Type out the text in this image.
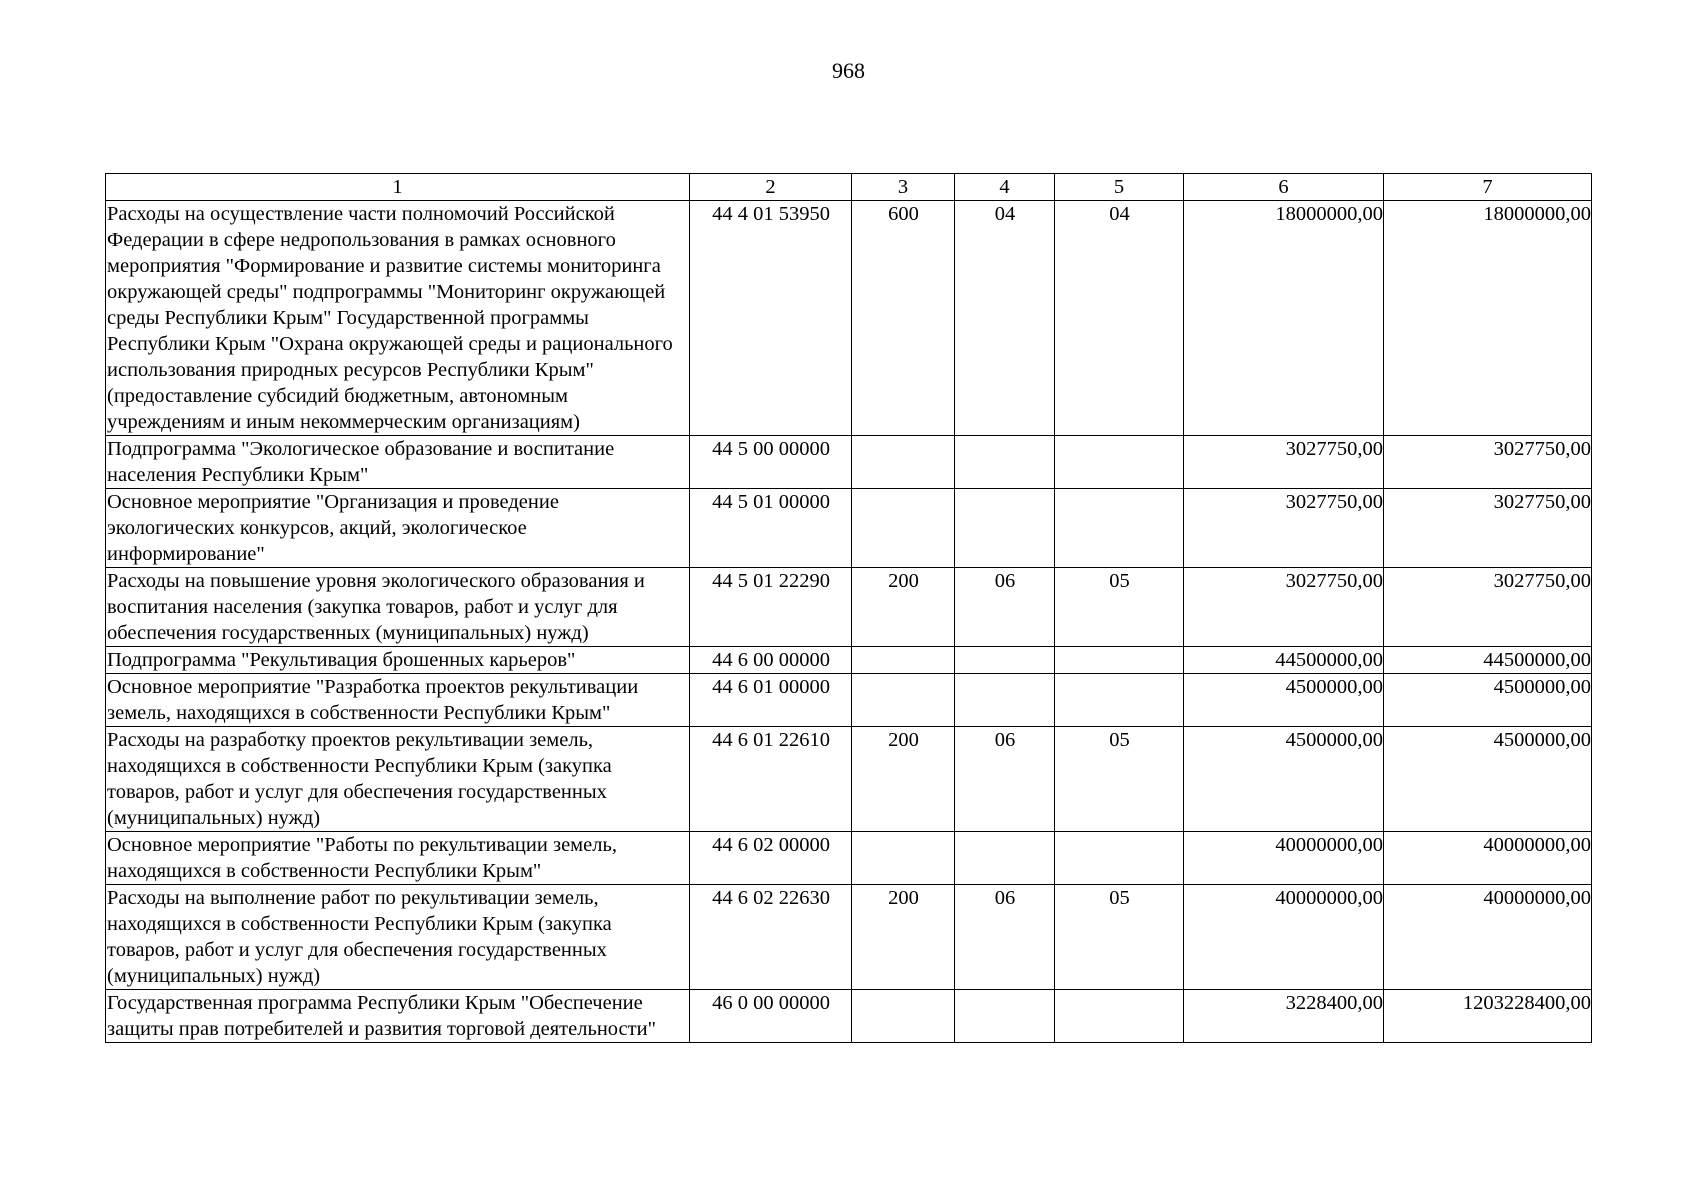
968
1	2	3	4	5	6	7
Расходы на осуществление части полномочий Российской Федерации в сфере недропользования в рамках основного мероприятия "Формирование и развитие системы мониторинга окружающей среды" подпрограммы "Мониторинг окружающей среды Республики Крым" Государственной программы Республики Крым "Охрана окружающей среды и рационального использования природных ресурсов Республики Крым" (предоставление субсидий бюджетным, автономным учреждениям и иным некоммерческим организациям)	44 4 01 53950	600	04	04	18000000,00	18000000,00
Подпрограмма "Экологическое образование и воспитание населения Республики Крым"	44 5 00 00000				3027750,00	3027750,00
Основное мероприятие "Организация и проведение экологических конкурсов, акций, экологическое информирование"	44 5 01 00000				3027750,00	3027750,00
Расходы на повышение уровня экологического образования и воспитания населения (закупка товаров, работ и услуг для обеспечения государственных (муниципальных) нужд)	44 5 01 22290	200	06	05	3027750,00	3027750,00
Подпрограмма "Рекультивация брошенных карьеров"	44 6 00 00000				44500000,00	44500000,00
Основное мероприятие "Разработка проектов рекультивации земель, находящихся в собственности Республики Крым"	44 6 01 00000				4500000,00	4500000,00
Расходы на разработку проектов рекультивации земель, находящихся в собственности Республики Крым (закупка товаров, работ и услуг для обеспечения государственных (муниципальных) нужд)	44 6 01 22610	200	06	05	4500000,00	4500000,00
Основное мероприятие "Работы по рекультивации земель, находящихся в собственности Республики Крым"	44 6 02 00000				40000000,00	40000000,00
Расходы на выполнение работ по рекультивации земель, находящихся в собственности Республики Крым (закупка товаров, работ и услуг для обеспечения государственных (муниципальных) нужд)	44 6 02 22630	200	06	05	40000000,00	40000000,00
Государственная программа Республики Крым "Обеспечение защиты прав потребителей и развития торговой деятельности"	46 0 00 00000				3228400,00	1203228400,00
